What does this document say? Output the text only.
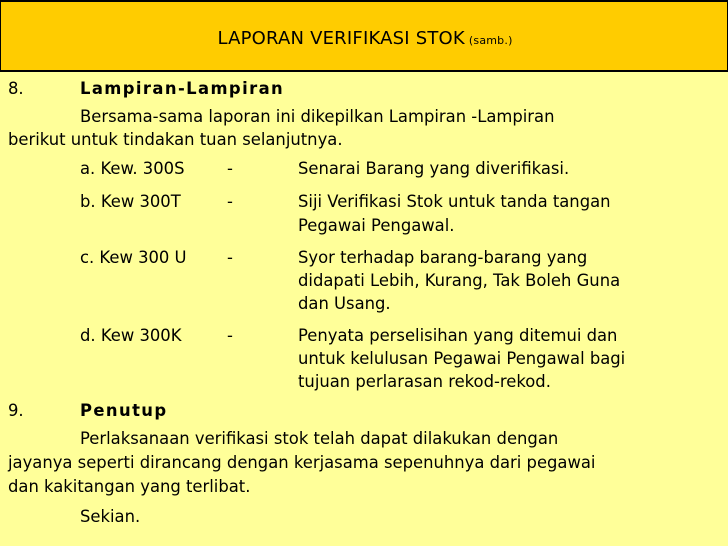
LAPORAN VERIFIKASI STOK (samb.)
8.	Lampiran-Lampiran
Bersama-sama laporan ini dikepilkan Lampiran -Lampiran
berikut untuk tindakan tuan selanjutnya.
a. Kew. 300S	-	Senarai Barang yang diverifikasi.
b. Kew 300T	-	Siji Verifikasi Stok untuk tanda tangan
Pegawai Pengawal.
c. Kew 300 U -	Syor terhadap barang-barang yang
didapati Lebih, Kurang, Tak Boleh Guna
dan Usang.
d. Kew 300K	-	Penyata perselisihan yang ditemui dan
untuk kelulusan Pegawai Pengawal bagi
tujuan perlarasan rekod-rekod.
9.	Penutup
Perlaksanaan verifikasi stok telah dapat dilakukan dengan
jayanya seperti dirancang dengan kerjasama sepenuhnya dari pegawai
dan kakitangan yang terlibat.
Sekian.
